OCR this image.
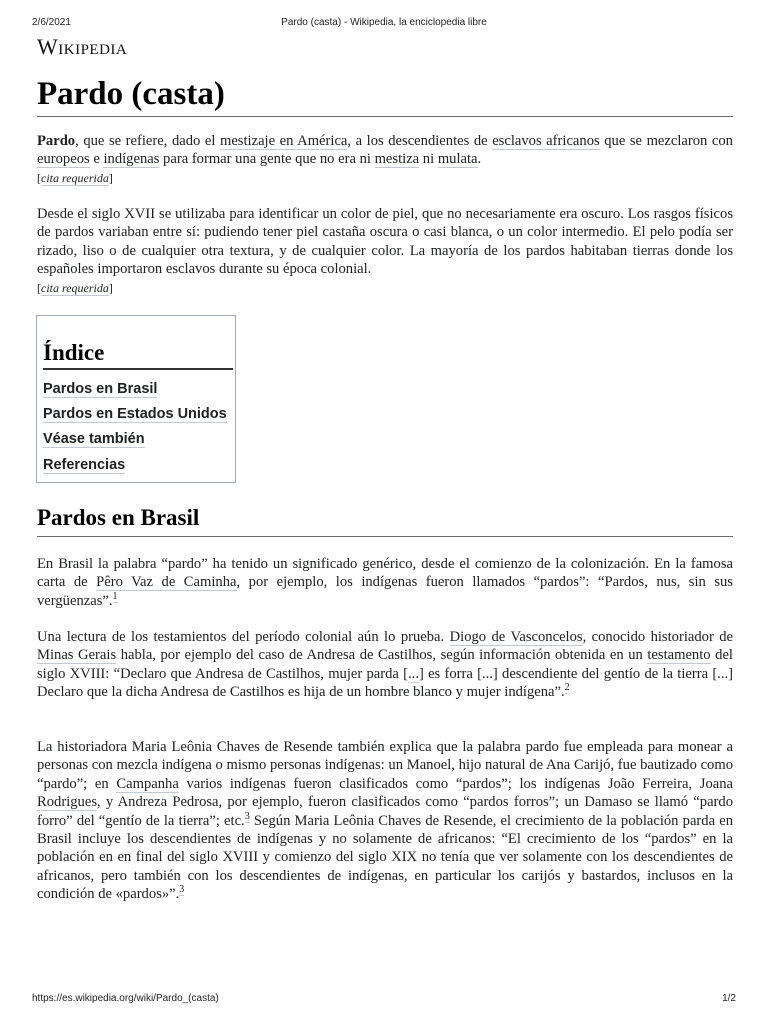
2/6/2021	Pardo (casta) - Wikipedia, la enciclopedia libre
Wikipedia
Pardo (casta)

Pardo, que se refiere, dado el mestizaje en América, a los descendientes de esclavos africanos que se mezclaron con europeos e indígenas para formar una gente que no era ni mestiza ni mulata.
[cita requerida]

Desde el siglo XVII se utilizaba para identificar un color de piel, que no necesariamente era oscuro. Los rasgos físicos de pardos variaban entre sí: pudiendo tener piel castaña oscura o casi blanca, o un color intermedio. El pelo podía ser rizado, liso o de cualquier otra textura, y de cualquier color. La mayoría de los pardos habitaban tierras donde los españoles importaron esclavos durante su época colonial.
[cita requerida]

Índice
Pardos en Brasil
Pardos en Estados Unidos
Véase también
Referencias
Pardos en Brasil

En Brasil la palabra “pardo” ha tenido un significado genérico, desde el comienzo de la colonización. En la famosa carta de Pêro Vaz de Caminha, por ejemplo, los indígenas fueron llamados “pardos”: “Pardos, nus, sin sus vergüenzas”.$^1$

Una lectura de los testamientos del período colonial aún lo prueba. Diogo de Vasconcelos, conocido historiador de Minas Gerais habla, por ejemplo del caso de Andresa de Castilhos, según información obtenida en un testamento del siglo XVIII: “Declaro que Andresa de Castilhos, mujer parda [...] es forra [...] descendiente del gentío de la tierra [...] Declaro que la dicha Andresa de Castilhos es hija de un hombre blanco y mujer indígena”.$^2$

La historiadora Maria Leônia Chaves de Resende también explica que la palabra pardo fue empleada para monear a personas con mezcla indígena o mismo personas indígenas: un Manoel, hijo natural de Ana Carijó, fue bautizado como “pardo”; en Campanha varios indígenas fueron clasificados como “pardos”; los indígenas João Ferreira, Joana Rodrigues, y Andreza Pedrosa, por ejemplo, fueron clasificados como “pardos forros”; un Damaso se llamó “pardo forro” del “gentío de la tierra”; etc.$^3$ Según Maria Leônia Chaves de Resende, el crecimiento de la población parda en Brasil incluye los descendientes de indígenas y no solamente de africanos: “El crecimiento de los “pardos” en la población en en final del siglo XVIII y comienzo del siglo XIX no tenía que ver solamente con los descendientes de africanos, pero también con los descendientes de indígenas, en particular los carijós y bastardos, inclusos en la condición de «pardos»”.$^3$

https://es.wikipedia.org/wiki/Pardo_(casta)	1/2
